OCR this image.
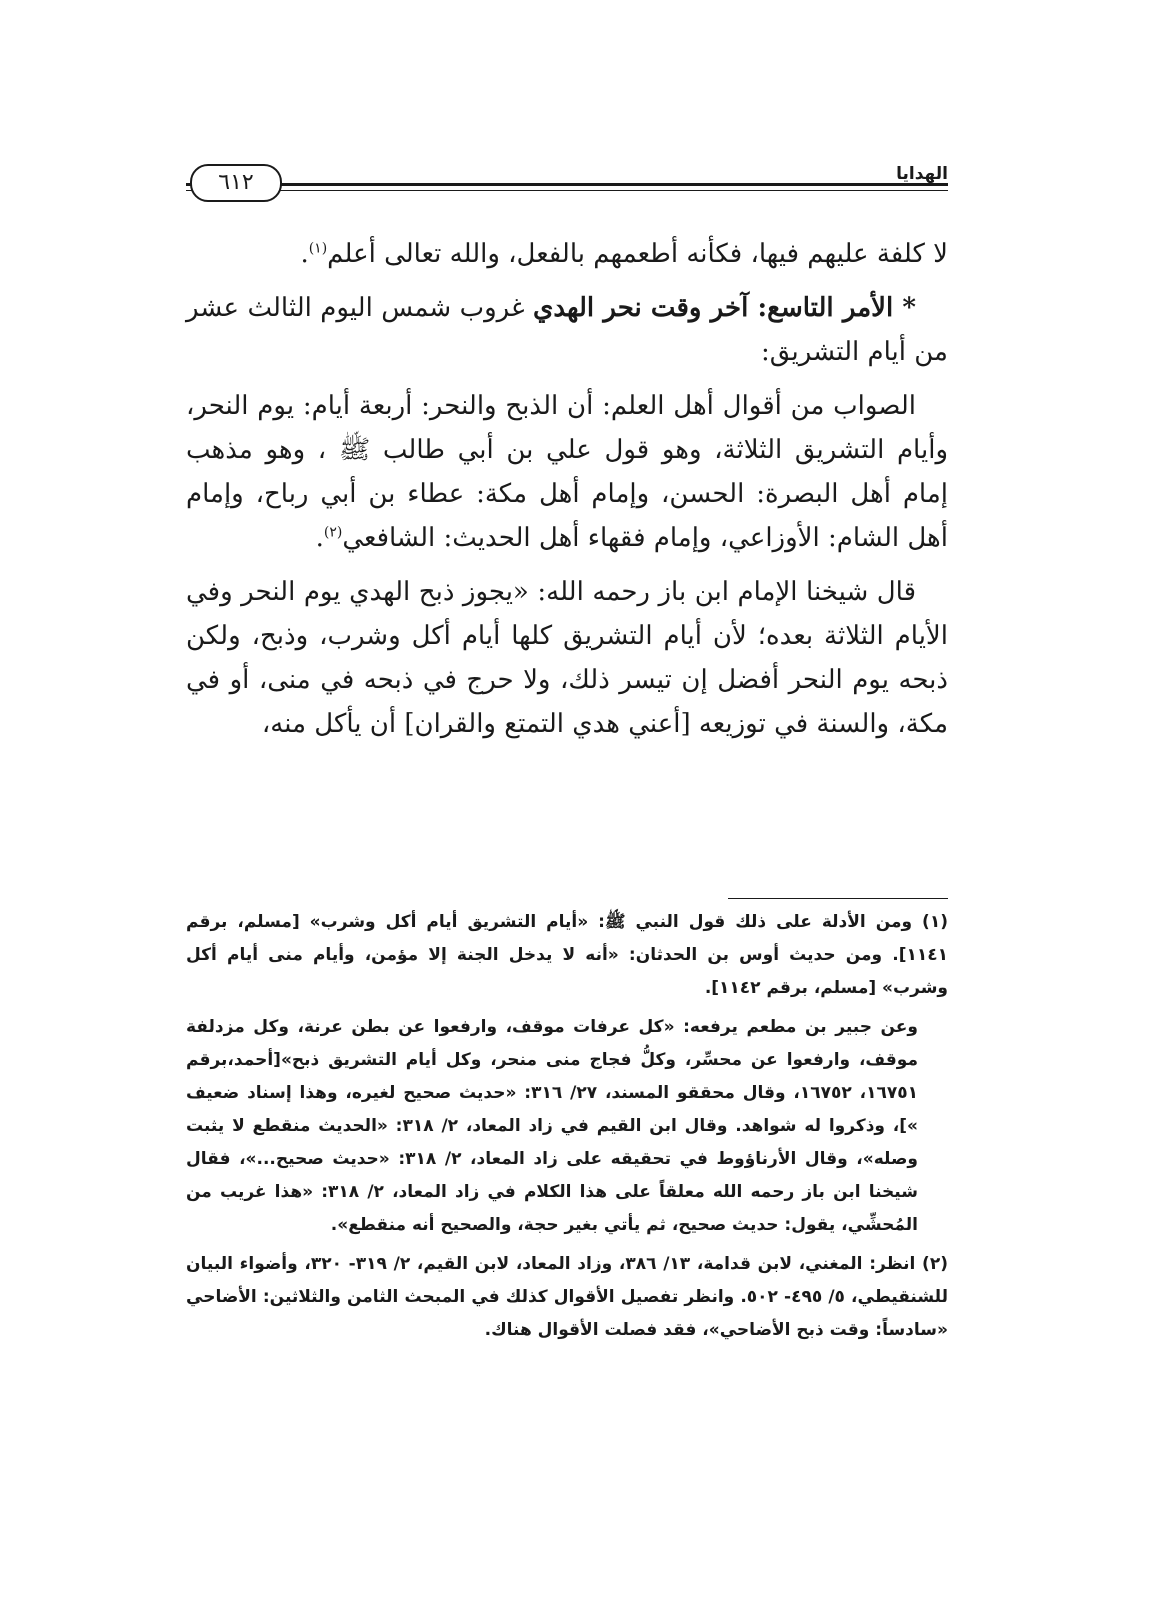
الهدايا
٦١٢

لا كلفة عليهم فيها، فكأنه أطعمهم بالفعل، والله تعالى أعلم$^{(١)}$.

* الأمر التاسع: آخر وقت نحر الهدي غروب شمس اليوم الثالث عشر من أيام التشريق:

الصواب من أقوال أهل العلم: أن الذبح والنحر: أربعة أيام: يوم النحر، وأيام التشريق الثلاثة، وهو قول علي بن أبي طالب ﷺ ، وهو مذهب إمام أهل البصرة: الحسن، وإمام أهل مكة: عطاء بن أبي رباح، وإمام أهل الشام: الأوزاعي، وإمام فقهاء أهل الحديث: الشافعي$^{(٢)}$.

قال شيخنا الإمام ابن باز رحمه الله: «يجوز ذبح الهدي يوم النحر وفي الأيام الثلاثة بعده؛ لأن أيام التشريق كلها أيام أكل وشرب، وذبح، ولكن ذبحه يوم النحر أفضل إن تيسر ذلك، ولا حرج في ذبحه في منى، أو في مكة، والسنة في توزيعه [أعني هدي التمتع والقران] أن يأكل منه،

(١) ومن الأدلة على ذلك قول النبي ﷺ: «أيام التشريق أيام أكل وشرب» [مسلم، برقم ١١٤١]. ومن حديث أوس بن الحدثان: «أنه لا يدخل الجنة إلا مؤمن، وأيام منى أيام أكل وشرب» [مسلم، برقم ١١٤٢].

وعن جبير بن مطعم يرفعه: «كل عرفات موقف، وارفعوا عن بطن عرنة، وكل مزدلفة موقف، وارفعوا عن محسِّر، وكلُّ فجاج منى منحر، وكل أيام التشريق ذبح»[أحمد،برقم ١٦٧٥١، ١٦٧٥٢، وقال محققو المسند، ٢٧/ ٣١٦: «حديث صحيح لغيره، وهذا إسناد ضعيف »]، وذكروا له شواهد. وقال ابن القيم في زاد المعاد، ٢/ ٣١٨: «الحديث منقطع لا يثبت وصله»، وقال الأرناؤوط في تحقيقه على زاد المعاد، ٢/ ٣١٨: «حديث صحيح...»، فقال شيخنا ابن باز رحمه الله معلقاً على هذا الكلام في زاد المعاد، ٢/ ٣١٨: «هذا غريب من المُحشِّي، يقول: حديث صحيح، ثم يأتي بغير حجة، والصحيح أنه منقطع».

(٢) انظر: المغني، لابن قدامة، ١٣/ ٣٨٦، وزاد المعاد، لابن القيم، ٢/ ٣١٩- ٣٢٠، وأضواء البيان للشنقيطي، ٥/ ٤٩٥- ٥٠٢. وانظر تفصيل الأقوال كذلك في المبحث الثامن والثلاثين: الأضاحي «سادساً: وقت ذبح الأضاحي»، فقد فصلت الأقوال هناك.
